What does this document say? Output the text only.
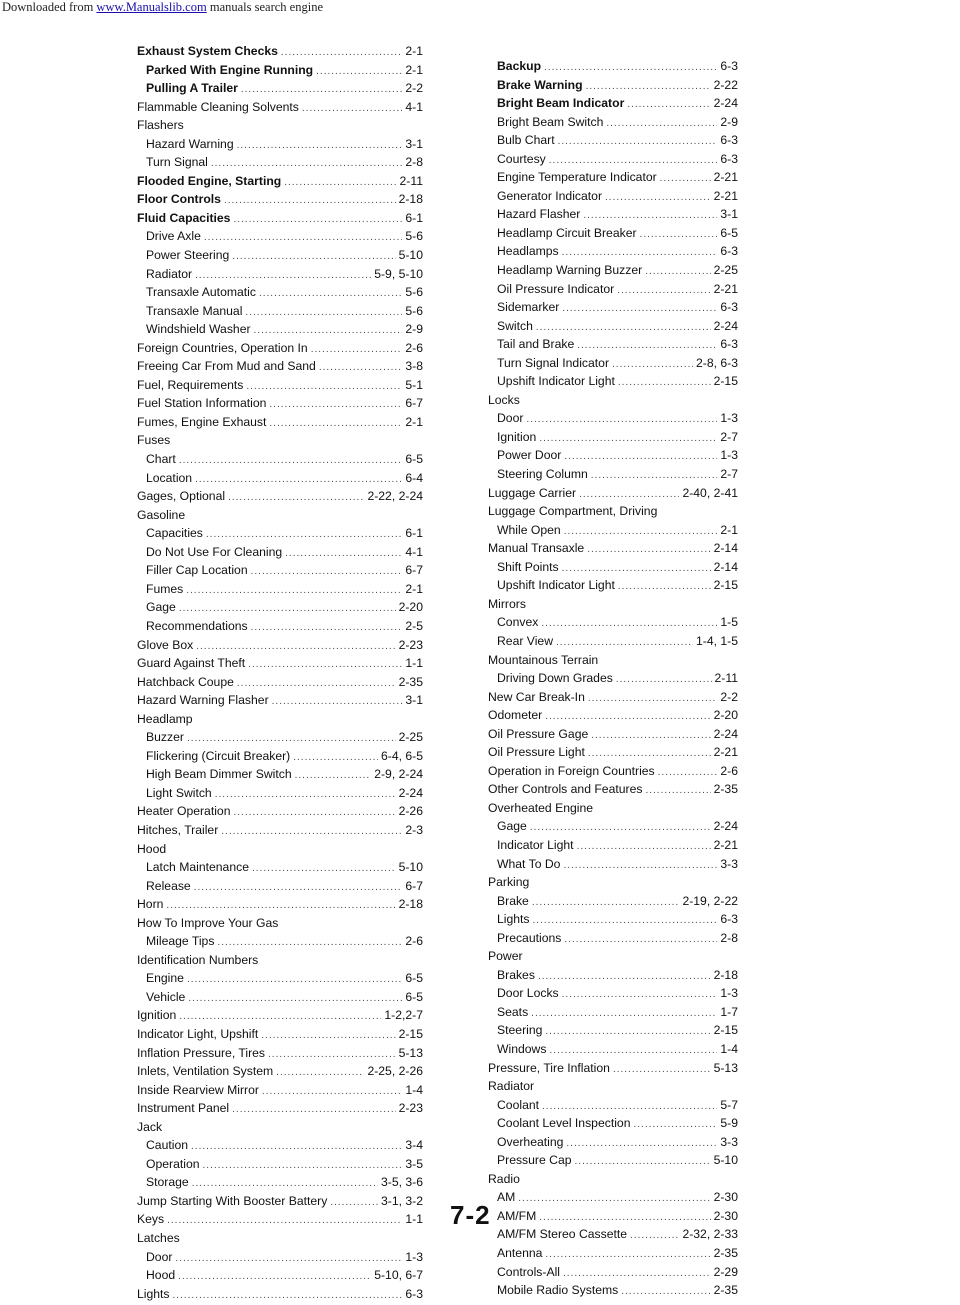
Downloaded from www.Manualslib.com manuals search engine
Exhaust System Checks .....	2-1
Parked With Engine Running .....	2-1
Pulling A Trailer .....	2-2
Flammable Cleaning Solvents .....	4-1
Flashers
Hazard Warning .....	3-1
Turn Signal .....	2-8
Flooded Engine, Starting .....	2-11
Floor Controls .....	2-18
Fluid Capacities .....	6-1
Drive Axle .....	5-6
Power Steering .....	5-10
Radiator .....	5-9, 5-10
Transaxle Automatic .....	5-6
Transaxle Manual .....	5-6
Windshield Washer .....	2-9
Foreign Countries, Operation In .....	2-6
Freeing Car From Mud and Sand .....	3-8
Fuel, Requirements .....	5-1
Fuel Station Information .....	6-7
Fumes, Engine Exhaust .....	2-1
Fuses
Chart .....	6-5
Location .....	6-4
Gages, Optional .....	2-22, 2-24
Gasoline
Capacities .....	6-1
Do Not Use For Cleaning .....	4-1
Filler Cap Location .....	6-7
Fumes .....	2-1
Gage .....	2-20
Recommendations .....	2-5
Glove Box .....	2-23
Guard Against Theft .....	1-1
Hatchback Coupe .....	2-35
Hazard Warning Flasher .....	3-1
Headlamp
Buzzer .....	2-25
Flickering (Circuit Breaker) .....	6-4, 6-5
High Beam Dimmer Switch .....	2-9, 2-24
Light Switch .....	2-24
Heater Operation .....	2-26
Hitches, Trailer .....	2-3
Hood
Latch Maintenance .....	5-10
Release .....	6-7
Horn .....	2-18
How To Improve Your Gas
Mileage Tips .....	2-6
Identification Numbers
Engine .....	6-5
Vehicle .....	6-5
Ignition .....	1-2,2-7
Indicator Light, Upshift .....	2-15
Inflation Pressure, Tires .....	5-13
Inlets, Ventilation System .....	2-25, 2-26
Inside Rearview Mirror .....	1-4
Instrument Panel .....	2-23
Jack
Caution .....	3-4
Operation .....	3-5
Storage .....	3-5, 3-6
Jump Starting With Booster Battery .....	3-1, 3-2
Keys .....	1-1
Latches
Door .....	1-3
Hood .....	5-10, 6-7
Lights .....	6-3
Backup .....	6-3
Brake Warning .....	2-22
Bright Beam Indicator .....	2-24
Bright Beam Switch .....	2-9
Bulb Chart .....	6-3
Courtesy .....	6-3
Engine Temperature Indicator .....	2-21
Generator Indicator .....	2-21
Hazard Flasher .....	3-1
Headlamp Circuit Breaker .....	6-5
Headlamps .....	6-3
Headlamp Warning Buzzer .....	2-25
Oil Pressure Indicator .....	2-21
Sidemarker .....	6-3
Switch .....	2-24
Tail and Brake .....	6-3
Turn Signal Indicator .....	2-8, 6-3
Upshift Indicator Light .....	2-15
Locks
Door .....	1-3
Ignition .....	2-7
Power Door .....	1-3
Steering Column .....	2-7
Luggage Carrier .....	2-40, 2-41
Luggage Compartment, Driving
While Open .....	2-1
Manual Transaxle .....	2-14
Shift Points .....	2-14
Upshift Indicator Light .....	2-15
Mirrors
Convex .....	1-5
Rear View .....	1-4, 1-5
Mountainous Terrain
Driving Down Grades .....	2-11
New Car Break-In .....	2-2
Odometer .....	2-20
Oil Pressure Gage .....	2-24
Oil Pressure Light .....	2-21
Operation in Foreign Countries .....	2-6
Other Controls and Features .....	2-35
Overheated Engine
Gage .....	2-24
Indicator Light .....	2-21
What To Do .....	3-3
Parking
Brake .....	2-19, 2-22
Lights .....	6-3
Precautions .....	2-8
Power
Brakes .....	2-18
Door Locks .....	1-3
Seats .....	1-7
Steering .....	2-15
Windows .....	1-4
Pressure, Tire Inflation .....	5-13
Radiator
Coolant .....	5-7
Coolant Level Inspection .....	5-9
Overheating .....	3-3
Pressure Cap .....	5-10
Radio
AM .....	2-30
AM/FM .....	2-30
AM/FM Stereo Cassette .....	2-32, 2-33
Antenna .....	2-35
Controls-All .....	2-29
Mobile Radio Systems .....	2-35
7-2
